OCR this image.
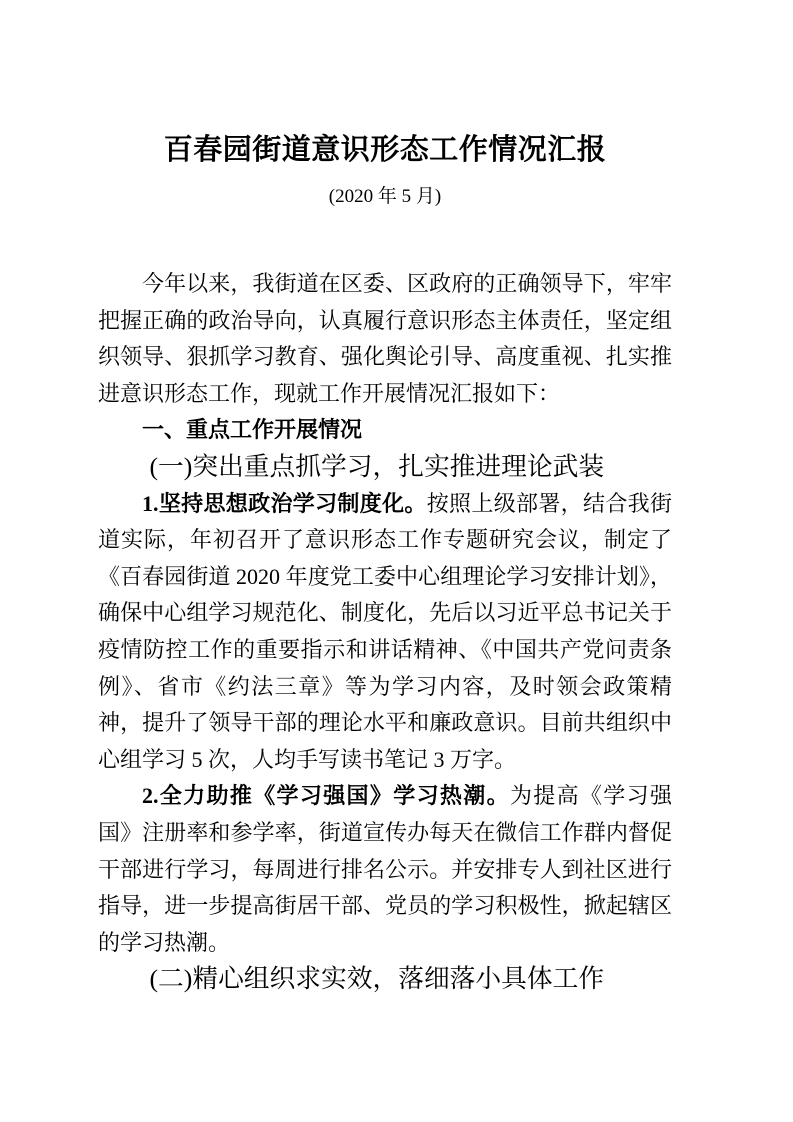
百春园街道意识形态工作情况汇报
(2020 年 5 月)

今年以来，我街道在区委、区政府的正确领导下，牢牢把握正确的政治导向，认真履行意识形态主体责任，坚定组织领导、狠抓学习教育、强化舆论引导、高度重视、扎实推进意识形态工作，现就工作开展情况汇报如下：

一、重点工作开展情况
(一)突出重点抓学习，扎实推进理论武装

1.坚持思想政治学习制度化。按照上级部署，结合我街道实际，年初召开了意识形态工作专题研究会议，制定了《百春园街道 2020 年度党工委中心组理论学习安排计划》，确保中心组学习规范化、制度化，先后以习近平总书记关于疫情防控工作的重要指示和讲话精神、《中国共产党问责条例》、省市《约法三章》等为学习内容，及时领会政策精神，提升了领导干部的理论水平和廉政意识。目前共组织中心组学习 5 次，人均手写读书笔记 3 万字。

2.全力助推《学习强国》学习热潮。为提高《学习强国》注册率和参学率，街道宣传办每天在微信工作群内督促干部进行学习，每周进行排名公示。并安排专人到社区进行指导，进一步提高街居干部、党员的学习积极性，掀起辖区的学习热潮。

(二)精心组织求实效，落细落小具体工作
